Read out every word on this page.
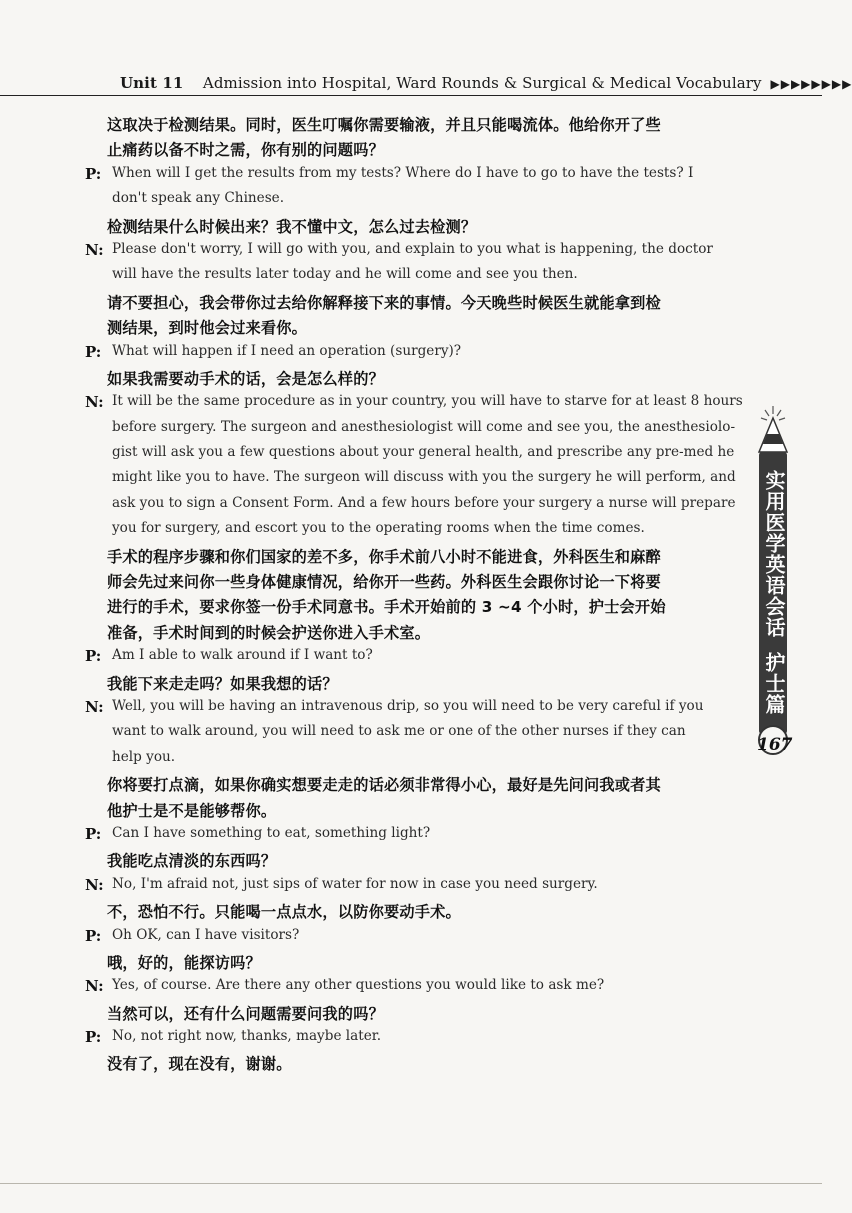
Unit 11 Admission into Hospital, Ward Rounds & Surgical & Medical Vocabulary ▶▶▶▶▶▶▶▶
这取决于检测结果。同时，医生叮嘱你需要输液，并且只能喝流体。他给你开了些
止痛药以备不时之需，你有别的问题吗？
P: When will I get the results from my tests? Where do I have to go to have the tests? I
don't speak any Chinese.
检测结果什么时候出来？我不懂中文，怎么过去检测？
N: Please don't worry, I will go with you, and explain to you what is happening, the doctor
will have the results later today and he will come and see you then.
请不要担心，我会带你过去给你解释接下来的事情。今天晚些时候医生就能拿到检
测结果，到时他会过来看你。
P: What will happen if I need an operation (surgery)?
如果我需要动手术的话，会是怎么样的？
N: It will be the same procedure as in your country, you will have to starve for at least 8 hours
before surgery. The surgeon and anesthesiologist will come and see you, the anesthesiolo-
gist will ask you a few questions about your general health, and prescribe any pre-med he
might like you to have. The surgeon will discuss with you the surgery he will perform, and
ask you to sign a Consent Form. And a few hours before your surgery a nurse will prepare
you for surgery, and escort you to the operating rooms when the time comes.
手术的程序步骤和你们国家的差不多，你手术前八小时不能进食，外科医生和麻醉
师会先过来问你一些身体健康情况，给你开一些药。外科医生会跟你讨论一下将要
进行的手术，要求你签一份手术同意书。手术开始前的 3 ~4 个小时，护士会开始
准备，手术时间到的时候会护送你进入手术室。
P: Am I able to walk around if I want to?
我能下来走走吗？如果我想的话？
N: Well, you will be having an intravenous drip, so you will need to be very careful if you
want to walk around, you will need to ask me or one of the other nurses if they can
help you.
你将要打点滴，如果你确实想要走走的话必须非常得小心，最好是先问问我或者其
他护士是不是能够帮你。
P: Can I have something to eat, something light?
我能吃点清淡的东西吗？
N: No, I'm afraid not, just sips of water for now in case you need surgery.
不，恐怕不行。只能喝一点点水，以防你要动手术。
P: Oh OK, can I have visitors?
哦，好的，能探访吗？
N: Yes, of course. Are there any other questions you would like to ask me?
当然可以，还有什么问题需要问我的吗？
P: No, not right now, thanks, maybe later.
没有了，现在没有，谢谢。
实用医学英语会话
护士篇
167
